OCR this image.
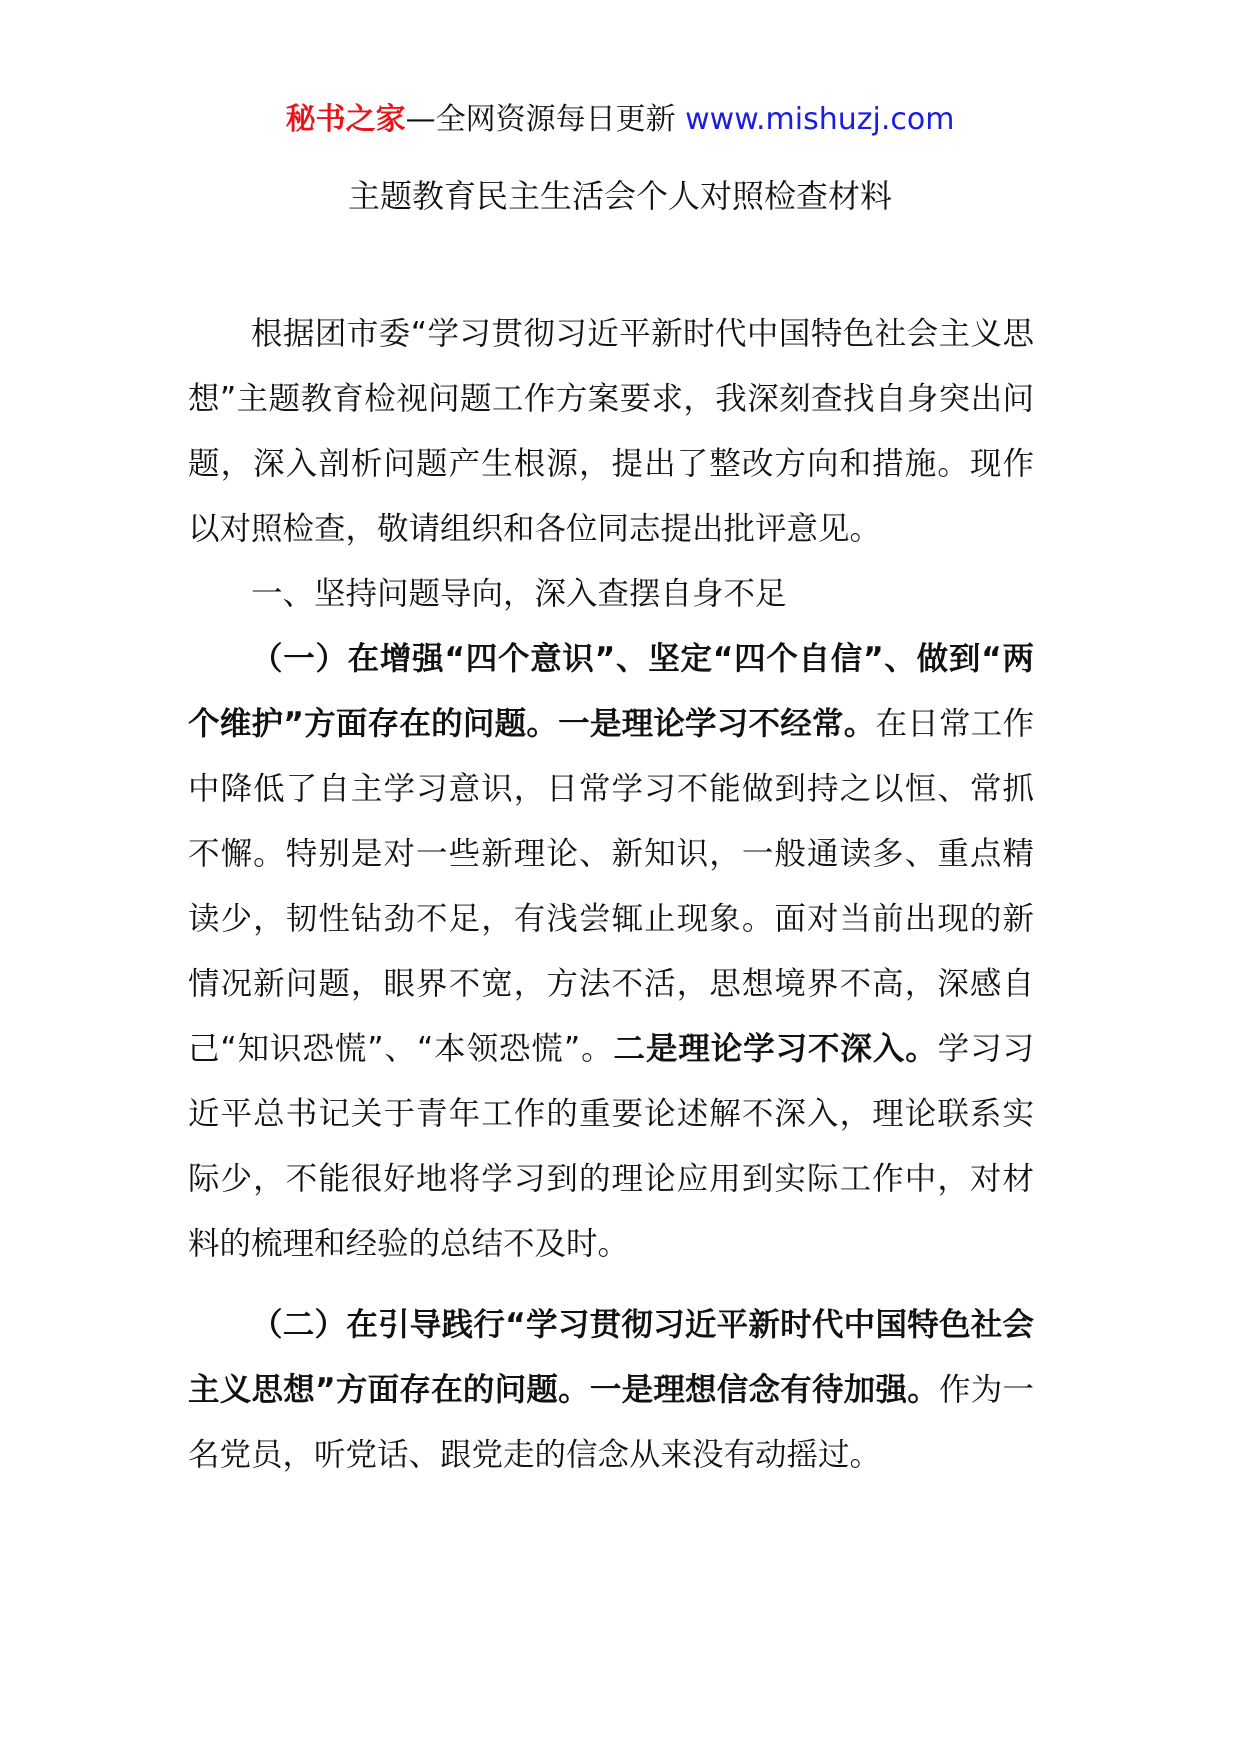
秘书之家—全网资源每日更新 www.mishuzj.com
主题教育民主生活会个人对照检查材料

根据团市委“学习贯彻习近平新时代中国特色社会主义思想”主题教育检视问题工作方案要求，我深刻查找自身突出问题，深入剖析问题产生根源，提出了整改方向和措施。现作以对照检查，敬请组织和各位同志提出批评意见。

一、坚持问题导向，深入查摆自身不足

（一）在增强“四个意识”、坚定“四个自信”、做到“两个维护”方面存在的问题。一是理论学习不经常。在日常工作中降低了自主学习意识，日常学习不能做到持之以恒、常抓不懈。特别是对一些新理论、新知识，一般通读多、重点精读少，韧性钻劲不足，有浅尝辄止现象。面对当前出现的新情况新问题，眼界不宽，方法不活，思想境界不高，深感自己“知识恐慌”、“本领恐慌”。二是理论学习不深入。学习习近平总书记关于青年工作的重要论述解不深入，理论联系实际少，不能很好地将学习到的理论应用到实际工作中，对材料的梳理和经验的总结不及时。

（二）在引导践行“学习贯彻习近平新时代中国特色社会主义思想”方面存在的问题。一是理想信念有待加强。作为一名党员，听党话、跟党走的信念从来没有动摇过。
